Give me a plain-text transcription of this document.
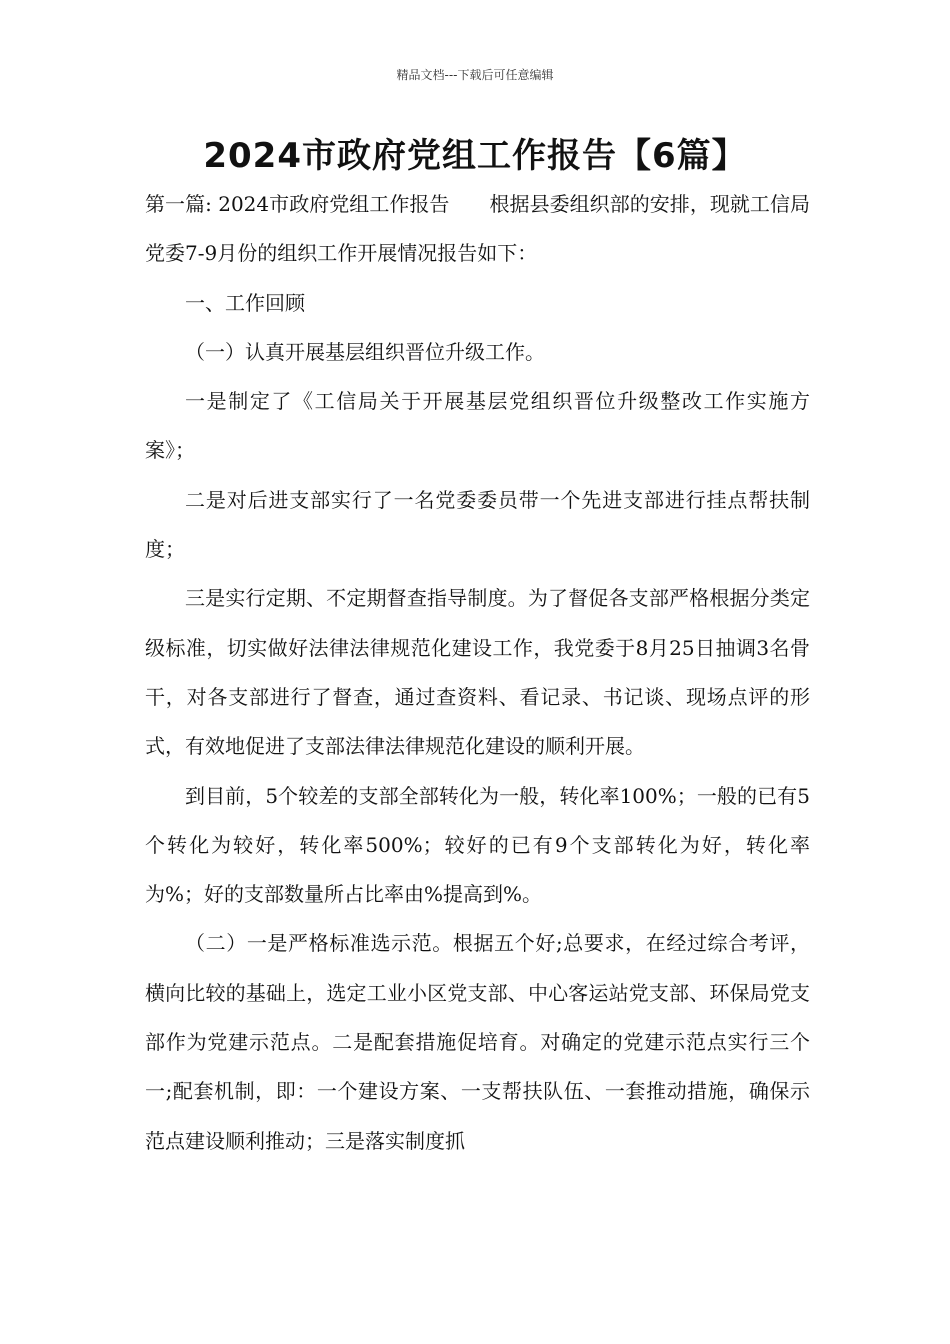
精品文档---下载后可任意编辑
2024市政府党组工作报告【6篇】

第一篇: 2024市政府党组工作报告 根据县委组织部的安排，现就工信局党委7-9月份的组织工作开展情况报告如下：

一、工作回顾

（一）认真开展基层组织晋位升级工作。

一是制定了《工信局关于开展基层党组织晋位升级整改工作实施方案》；

二是对后进支部实行了一名党委委员带一个先进支部进行挂点帮扶制度；

三是实行定期、不定期督查指导制度。为了督促各支部严格根据分类定级标准，切实做好法律法律规范化建设工作，我党委于8月25日抽调3名骨干，对各支部进行了督查，通过查资料、看记录、书记谈、现场点评的形式，有效地促进了支部法律法律规范化建设的顺利开展。

到目前，5个较差的支部全部转化为一般，转化率100%；一般的已有5个转化为较好，转化率500%；较好的已有9个支部转化为好，转化率为%；好的支部数量所占比率由%提高到%。

（二）一是严格标准选示范。根据五个好;总要求，在经过综合考评，横向比较的基础上，选定工业小区党支部、中心客运站党支部、环保局党支部作为党建示范点。二是配套措施促培育。对确定的党建示范点实行三个一;配套机制，即：一个建设方案、一支帮扶队伍、一套推动措施，确保示范点建设顺利推动；三是落实制度抓
